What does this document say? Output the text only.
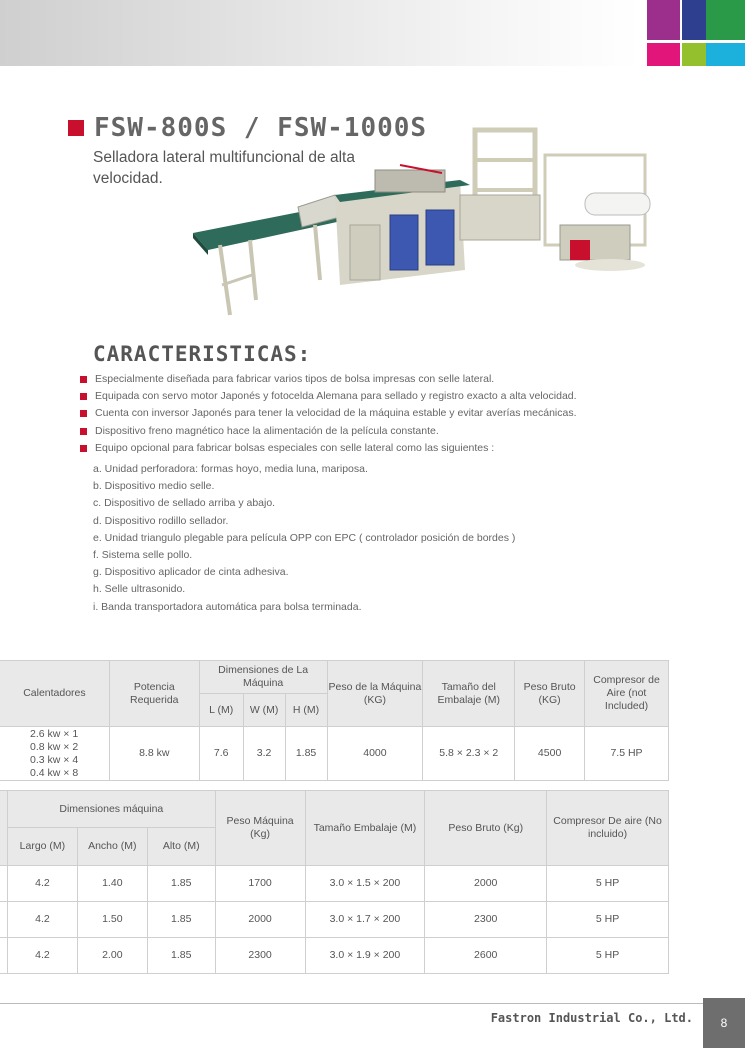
FSW-800S / FSW-1000S

Selladora lateral multifuncional de alta velocidad.

CARACTERISTICAS:
Especialmente diseñada para fabricar varios tipos de bolsa impresas con selle lateral.
Equipada con servo motor Japonés y fotocelda Alemana para sellado y registro exacto a alta velocidad.
Cuenta con inversor Japonés para tener la velocidad de la máquina estable y evitar averías mecánicas.
Dispositivo freno magnético hace la alimentación de la película constante.
Equipo opcional para fabricar bolsas especiales con selle lateral como las siguientes :
a. Unidad perforadora: formas hoyo, media luna, mariposa.
b. Dispositivo medio selle.
c. Dispositivo de sellado arriba y abajo.
d. Dispositivo rodillo sellador.
e. Unidad triangulo plegable para película OPP con EPC ( controlador posición de bordes )
f. Sistema selle pollo.
g. Dispositivo aplicador de cinta adhesiva.
h. Selle ultrasonido.
i. Banda transportadora automática para bolsa terminada.
Calentadores	Potencia Requerida	Dimensiones de La Máquina			Peso de la Máquina (KG)	Tamaño del Embalaje (M)	Peso Bruto (KG)	Compresor de Aire (not Included)
		L (M)	W (M)	H (M)				

2.6 kw × 1
0.8 kw × 2
0.3 kw × 4
0.4 kw × 8	8.8 kw	7.6	3.2	1.85	4000	5.8 × 2.3 × 2	4500	7.5 HP
	Dimensiones máquina			Peso Máquina (Kg)	Tamaño Embalaje (M)	Peso Bruto (Kg)	Compresor De aire (No incluido)
	Largo (M)	Ancho (M)	Alto (M)				
	4.2	1.40	1.85	1700	3.0 × 1.5 × 200	2000	5 HP
	4.2	1.50	1.85	2000	3.0 × 1.7 × 200	2300	5 HP
	4.2	2.00	1.85	2300	3.0 × 1.9 × 200	2600	5 HP
Fastron Industrial Co., Ltd.	8
